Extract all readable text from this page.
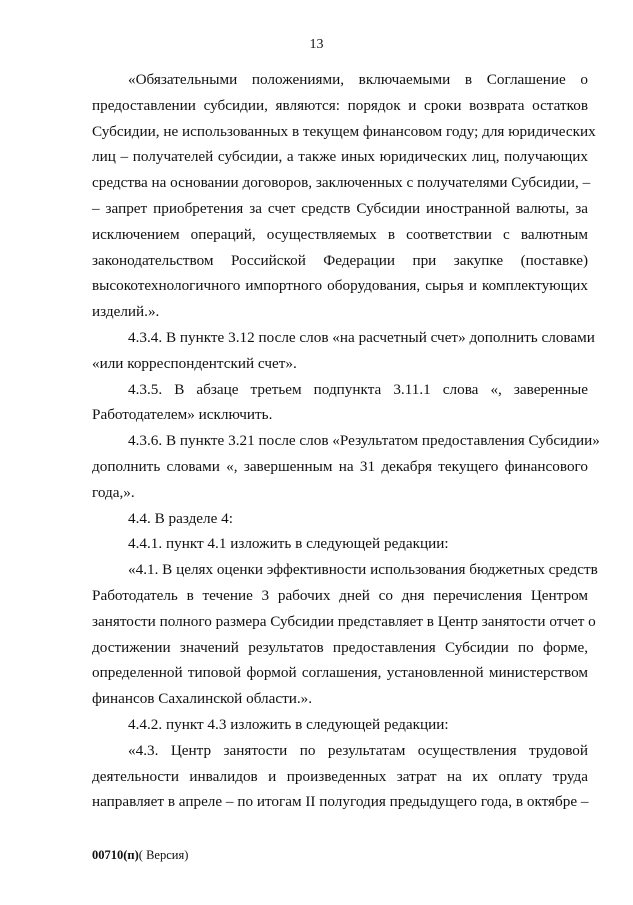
13
«Обязательными положениями, включаемыми в Соглашение о
предоставлении субсидии, являются: порядок и сроки возврата остатков
Субсидии, не использованных в текущем финансовом году; для юридических
лиц – получателей субсидии, а также иных юридических лиц, получающих
средства на основании договоров, заключенных с получателями Субсидии, –
– запрет приобретения за счет средств Субсидии иностранной валюты, за
исключением операций, осуществляемых в соответствии с валютным
законодательством Российской Федерации при закупке (поставке)
высокотехнологичного импортного оборудования, сырья и комплектующих
изделий.».
4.3.4. В пункте 3.12 после слов «на расчетный счет» дополнить словами
«или корреспондентский счет».
4.3.5. В абзаце третьем подпункта 3.11.1 слова «, заверенные
Работодателем» исключить.
4.3.6. В пункте 3.21 после слов «Результатом предоставления Субсидии»
дополнить словами «, завершенным на 31 декабря текущего финансового
года,».
4.4. В разделе 4:
4.4.1. пункт 4.1 изложить в следующей редакции:
«4.1. В целях оценки эффективности использования бюджетных средств
Работодатель в течение 3 рабочих дней со дня перечисления Центром
занятости полного размера Субсидии представляет в Центр занятости отчет о
достижении значений результатов предоставления Субсидии по форме,
определенной типовой формой соглашения, установленной министерством
финансов Сахалинской области.».
4.4.2. пункт 4.3 изложить в следующей редакции:
«4.3. Центр занятости по результатам осуществления трудовой
деятельности инвалидов и произведенных затрат на их оплату труда
направляет в апреле – по итогам II полугодия предыдущего года, в октябре –
00710(п)( Версия)
